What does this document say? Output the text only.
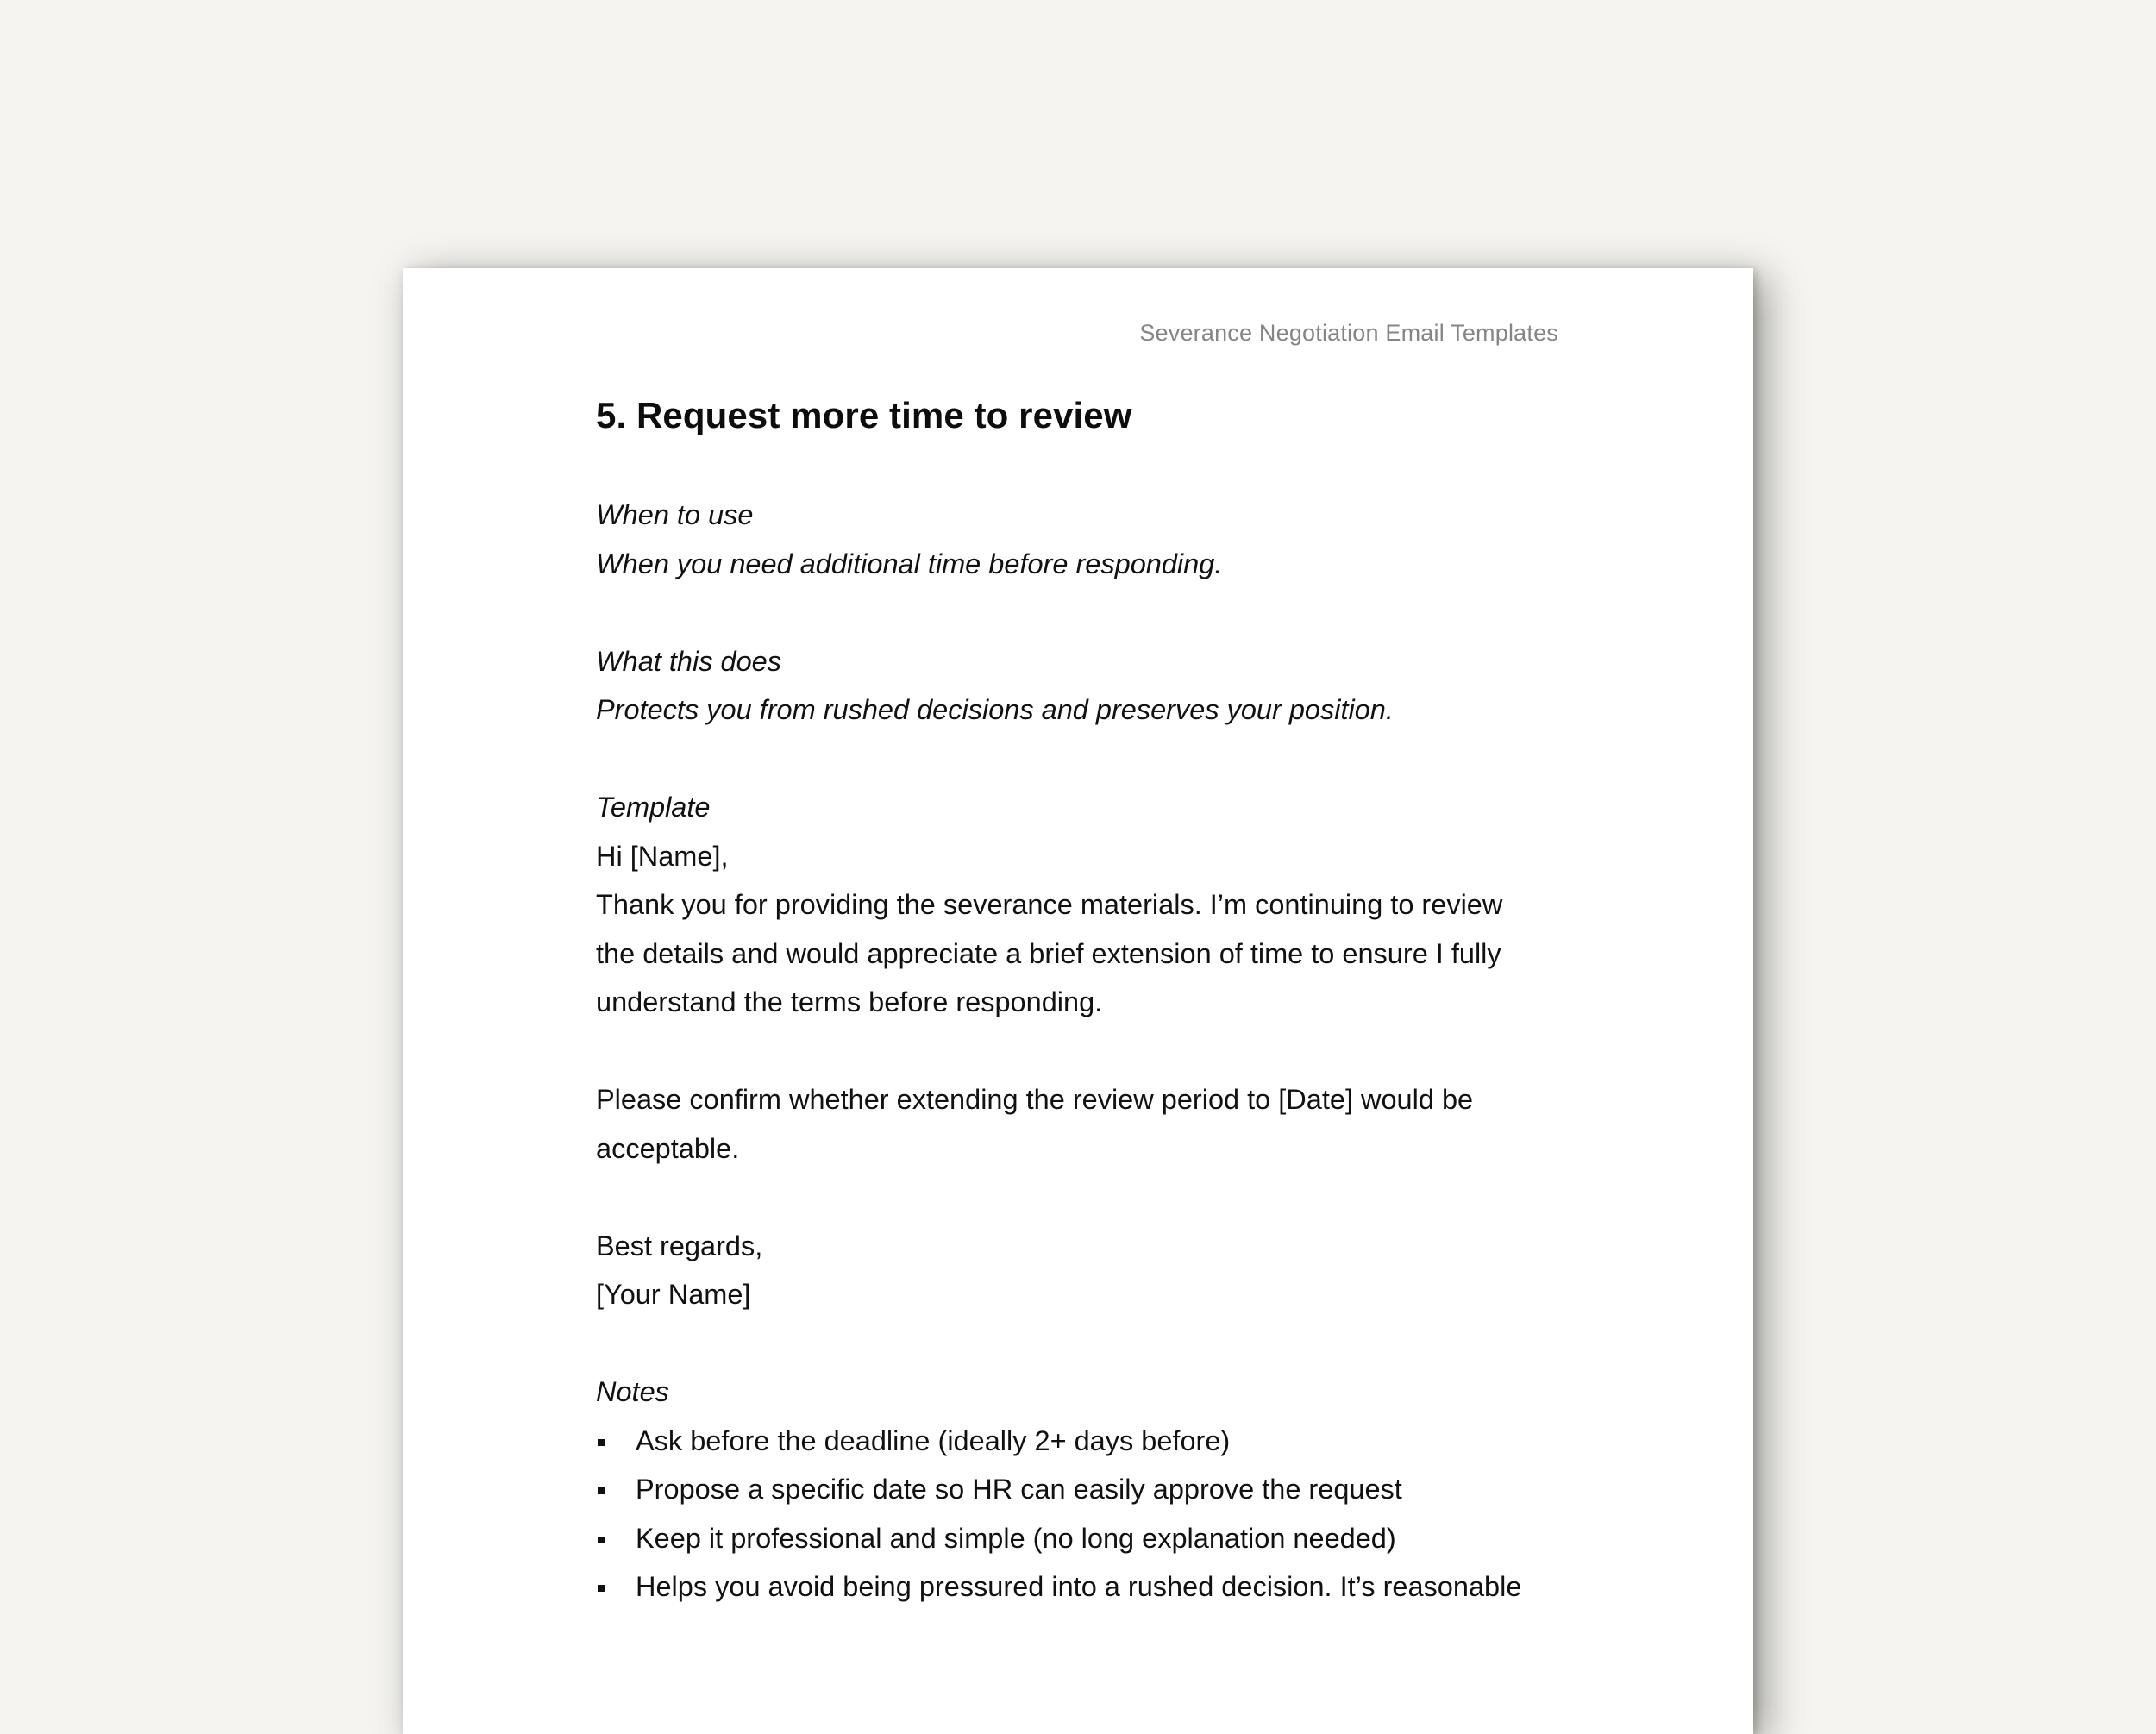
Severance Negotiation Email Templates
5. Request more time to review
When to use
When you need additional time before responding.
What this does
Protects you from rushed decisions and preserves your position.
Template
Hi [Name],
Thank you for providing the severance materials. I’m continuing to review
the details and would appreciate a brief extension of time to ensure I fully
understand the terms before responding.
Please confirm whether extending the review period to [Date] would be
acceptable.
Best regards,
[Your Name]
Notes
Ask before the deadline (ideally 2+ days before)
Propose a specific date so HR can easily approve the request
Keep it professional and simple (no long explanation needed)
Helps you avoid being pressured into a rushed decision. It’s reasonable
